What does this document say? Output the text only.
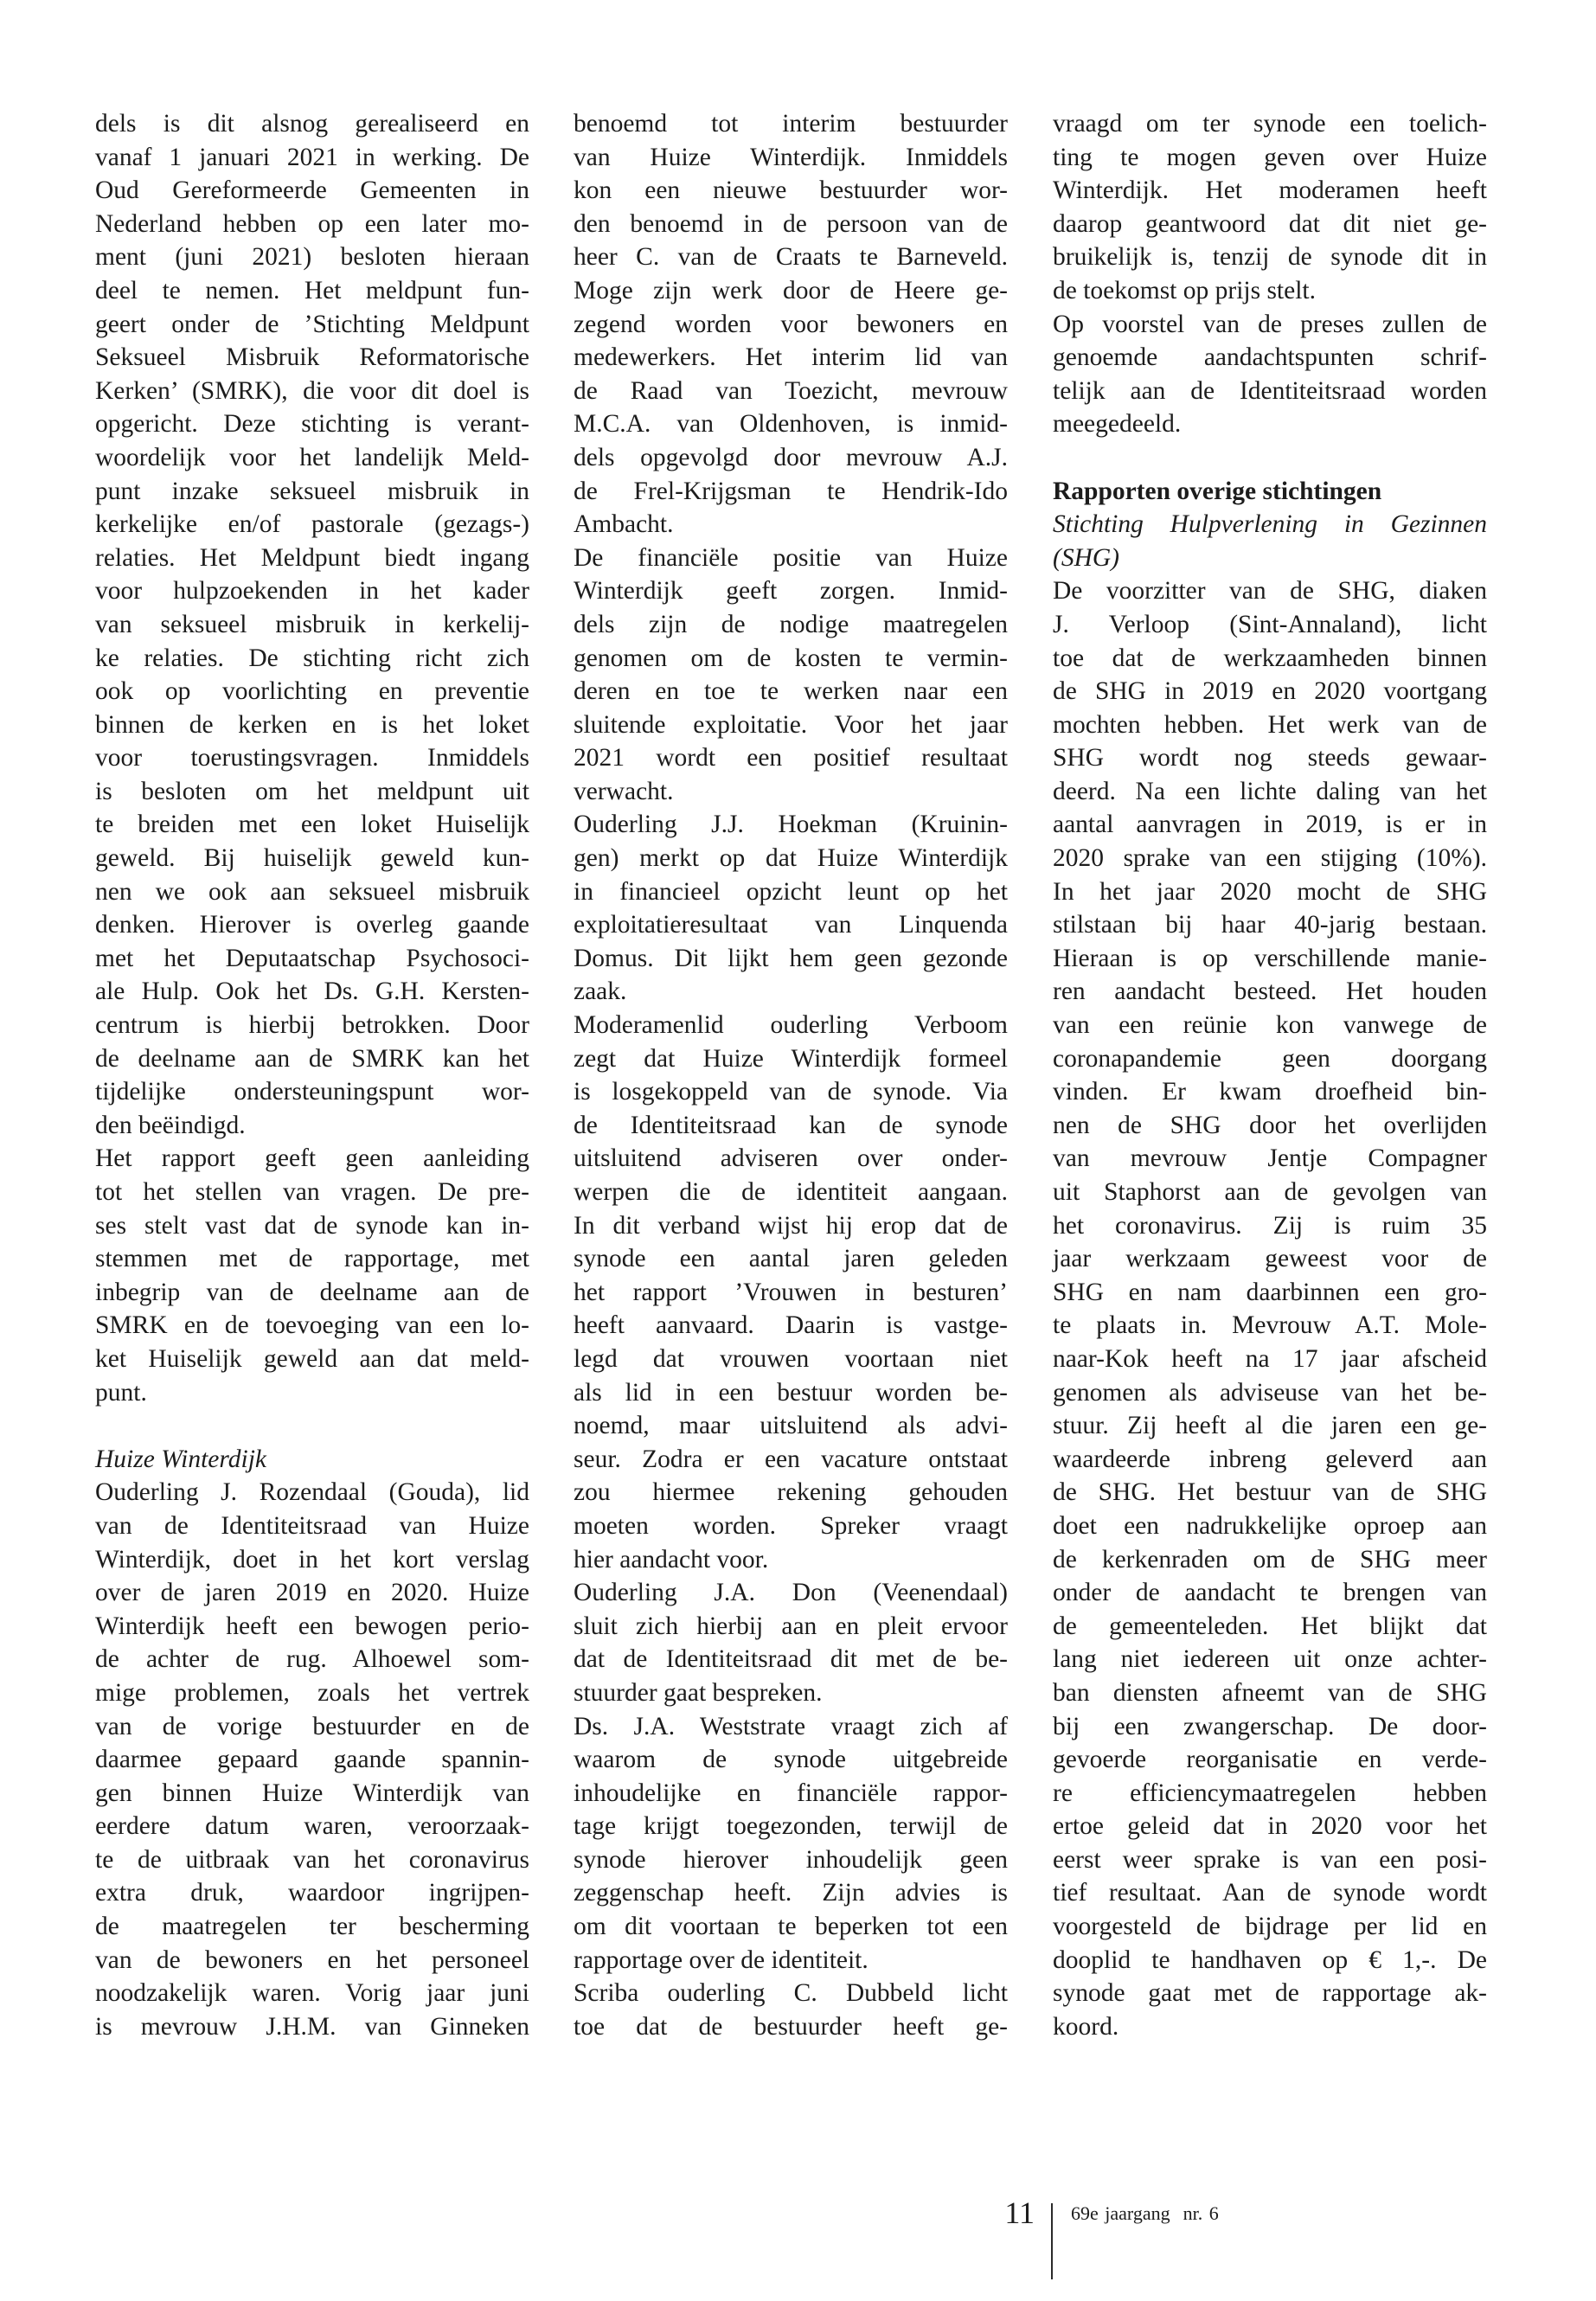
dels is dit alsnog gerealiseerd en
vanaf 1 januari 2021 in werking. De
Oud Gereformeerde Gemeenten in
Nederland hebben op een later mo-
ment (juni 2021) besloten hieraan
deel te nemen. Het meldpunt fun-
geert onder de ’Stichting Meldpunt
Seksueel Misbruik Reformatorische
Kerken’ (SMRK), die voor dit doel is
opgericht. Deze stichting is verant-
woordelijk voor het landelijk Meld-
punt inzake seksueel misbruik in
kerkelijke en/of pastorale (gezags-)
relaties. Het Meldpunt biedt ingang
voor hulpzoekenden in het kader
van seksueel misbruik in kerkelij-
ke relaties. De stichting richt zich
ook op voorlichting en preventie
binnen de kerken en is het loket
voor toerustingsvragen. Inmiddels
is besloten om het meldpunt uit
te breiden met een loket Huiselijk
geweld. Bij huiselijk geweld kun-
nen we ook aan seksueel misbruik
denken. Hierover is overleg gaande
met het Deputaatschap Psychosoci-
ale Hulp. Ook het Ds. G.H. Kersten-
centrum is hierbij betrokken. Door
de deelname aan de SMRK kan het
tijdelijke ondersteuningspunt wor-
den beëindigd.
Het rapport geeft geen aanleiding
tot het stellen van vragen. De pre-
ses stelt vast dat de synode kan in-
stemmen met de rapportage, met
inbegrip van de deelname aan de
SMRK en de toevoeging van een lo-
ket Huiselijk geweld aan dat meld-
punt.

Huize Winterdijk
Ouderling J. Rozendaal (Gouda), lid
van de Identiteitsraad van Huize
Winterdijk, doet in het kort verslag
over de jaren 2019 en 2020. Huize
Winterdijk heeft een bewogen perio-
de achter de rug. Alhoewel som-
mige problemen, zoals het vertrek
van de vorige bestuurder en de
daarmee gepaard gaande spannin-
gen binnen Huize Winterdijk van
eerdere datum waren, veroorzaak-
te de uitbraak van het coronavirus
extra druk, waardoor ingrijpen-
de maatregelen ter bescherming
van de bewoners en het personeel
noodzakelijk waren. Vorig jaar juni
is mevrouw J.H.M. van Ginneken
benoemd tot interim bestuurder
van Huize Winterdijk. Inmiddels
kon een nieuwe bestuurder wor-
den benoemd in de persoon van de
heer C. van de Craats te Barneveld.
Moge zijn werk door de Heere ge-
zegend worden voor bewoners en
medewerkers. Het interim lid van
de Raad van Toezicht, mevrouw
M.C.A. van Oldenhoven, is inmid-
dels opgevolgd door mevrouw A.J.
de Frel-Krijgsman te Hendrik-Ido
Ambacht.
De financiële positie van Huize
Winterdijk geeft zorgen. Inmid-
dels zijn de nodige maatregelen
genomen om de kosten te vermin-
deren en toe te werken naar een
sluitende exploitatie. Voor het jaar
2021 wordt een positief resultaat
verwacht.
Ouderling J.J. Hoekman (Kruinin-
gen) merkt op dat Huize Winterdijk
in financieel opzicht leunt op het
exploitatieresultaat van Linquenda
Domus. Dit lijkt hem geen gezonde
zaak.
Moderamenlid ouderling Verboom
zegt dat Huize Winterdijk formeel
is losgekoppeld van de synode. Via
de Identiteitsraad kan de synode
uitsluitend adviseren over onder-
werpen die de identiteit aangaan.
In dit verband wijst hij erop dat de
synode een aantal jaren geleden
het rapport ’Vrouwen in besturen’
heeft aanvaard. Daarin is vastge-
legd dat vrouwen voortaan niet
als lid in een bestuur worden be-
noemd, maar uitsluitend als advi-
seur. Zodra er een vacature ontstaat
zou hiermee rekening gehouden
moeten worden. Spreker vraagt
hier aandacht voor.
Ouderling J.A. Don (Veenendaal)
sluit zich hierbij aan en pleit ervoor
dat de Identiteitsraad dit met de be-
stuurder gaat bespreken.
Ds. J.A. Weststrate vraagt zich af
waarom de synode uitgebreide
inhoudelijke en financiële rappor-
tage krijgt toegezonden, terwijl de
synode hierover inhoudelijk geen
zeggenschap heeft. Zijn advies is
om dit voortaan te beperken tot een
rapportage over de identiteit.
Scriba ouderling C. Dubbeld licht
toe dat de bestuurder heeft ge-
vraagd om ter synode een toelich-
ting te mogen geven over Huize
Winterdijk. Het moderamen heeft
daarop geantwoord dat dit niet ge-
bruikelijk is, tenzij de synode dit in
de toekomst op prijs stelt.
Op voorstel van de preses zullen de
genoemde aandachtspunten schrif-
telijk aan de Identiteitsraad worden
meegedeeld.

Rapporten overige stichtingen
Stichting Hulpverlening in Gezinnen
(SHG)
De voorzitter van de SHG, diaken
J. Verloop (Sint-Annaland), licht
toe dat de werkzaamheden binnen
de SHG in 2019 en 2020 voortgang
mochten hebben. Het werk van de
SHG wordt nog steeds gewaar-
deerd. Na een lichte daling van het
aantal aanvragen in 2019, is er in
2020 sprake van een stijging (10%).
In het jaar 2020 mocht de SHG
stilstaan bij haar 40-jarig bestaan.
Hieraan is op verschillende manie-
ren aandacht besteed. Het houden
van een reünie kon vanwege de
coronapandemie geen doorgang
vinden. Er kwam droefheid bin-
nen de SHG door het overlijden
van mevrouw Jentje Compagner
uit Staphorst aan de gevolgen van
het coronavirus. Zij is ruim 35
jaar werkzaam geweest voor de
SHG en nam daarbinnen een gro-
te plaats in. Mevrouw A.T. Mole-
naar-Kok heeft na 17 jaar afscheid
genomen als adviseuse van het be-
stuur. Zij heeft al die jaren een ge-
waardeerde inbreng geleverd aan
de SHG. Het bestuur van de SHG
doet een nadrukkelijke oproep aan
de kerkenraden om de SHG meer
onder de aandacht te brengen van
de gemeenteleden. Het blijkt dat
lang niet iedereen uit onze achter-
ban diensten afneemt van de SHG
bij een zwangerschap. De door-
gevoerde reorganisatie en verde-
re efficiencymaatregelen hebben
ertoe geleid dat in 2020 voor het
eerst weer sprake is van een posi-
tief resultaat. Aan de synode wordt
voorgesteld de bijdrage per lid en
dooplid te handhaven op € 1,-. De
synode gaat met de rapportage ak-
koord.
11 69e jaargang  nr. 6
